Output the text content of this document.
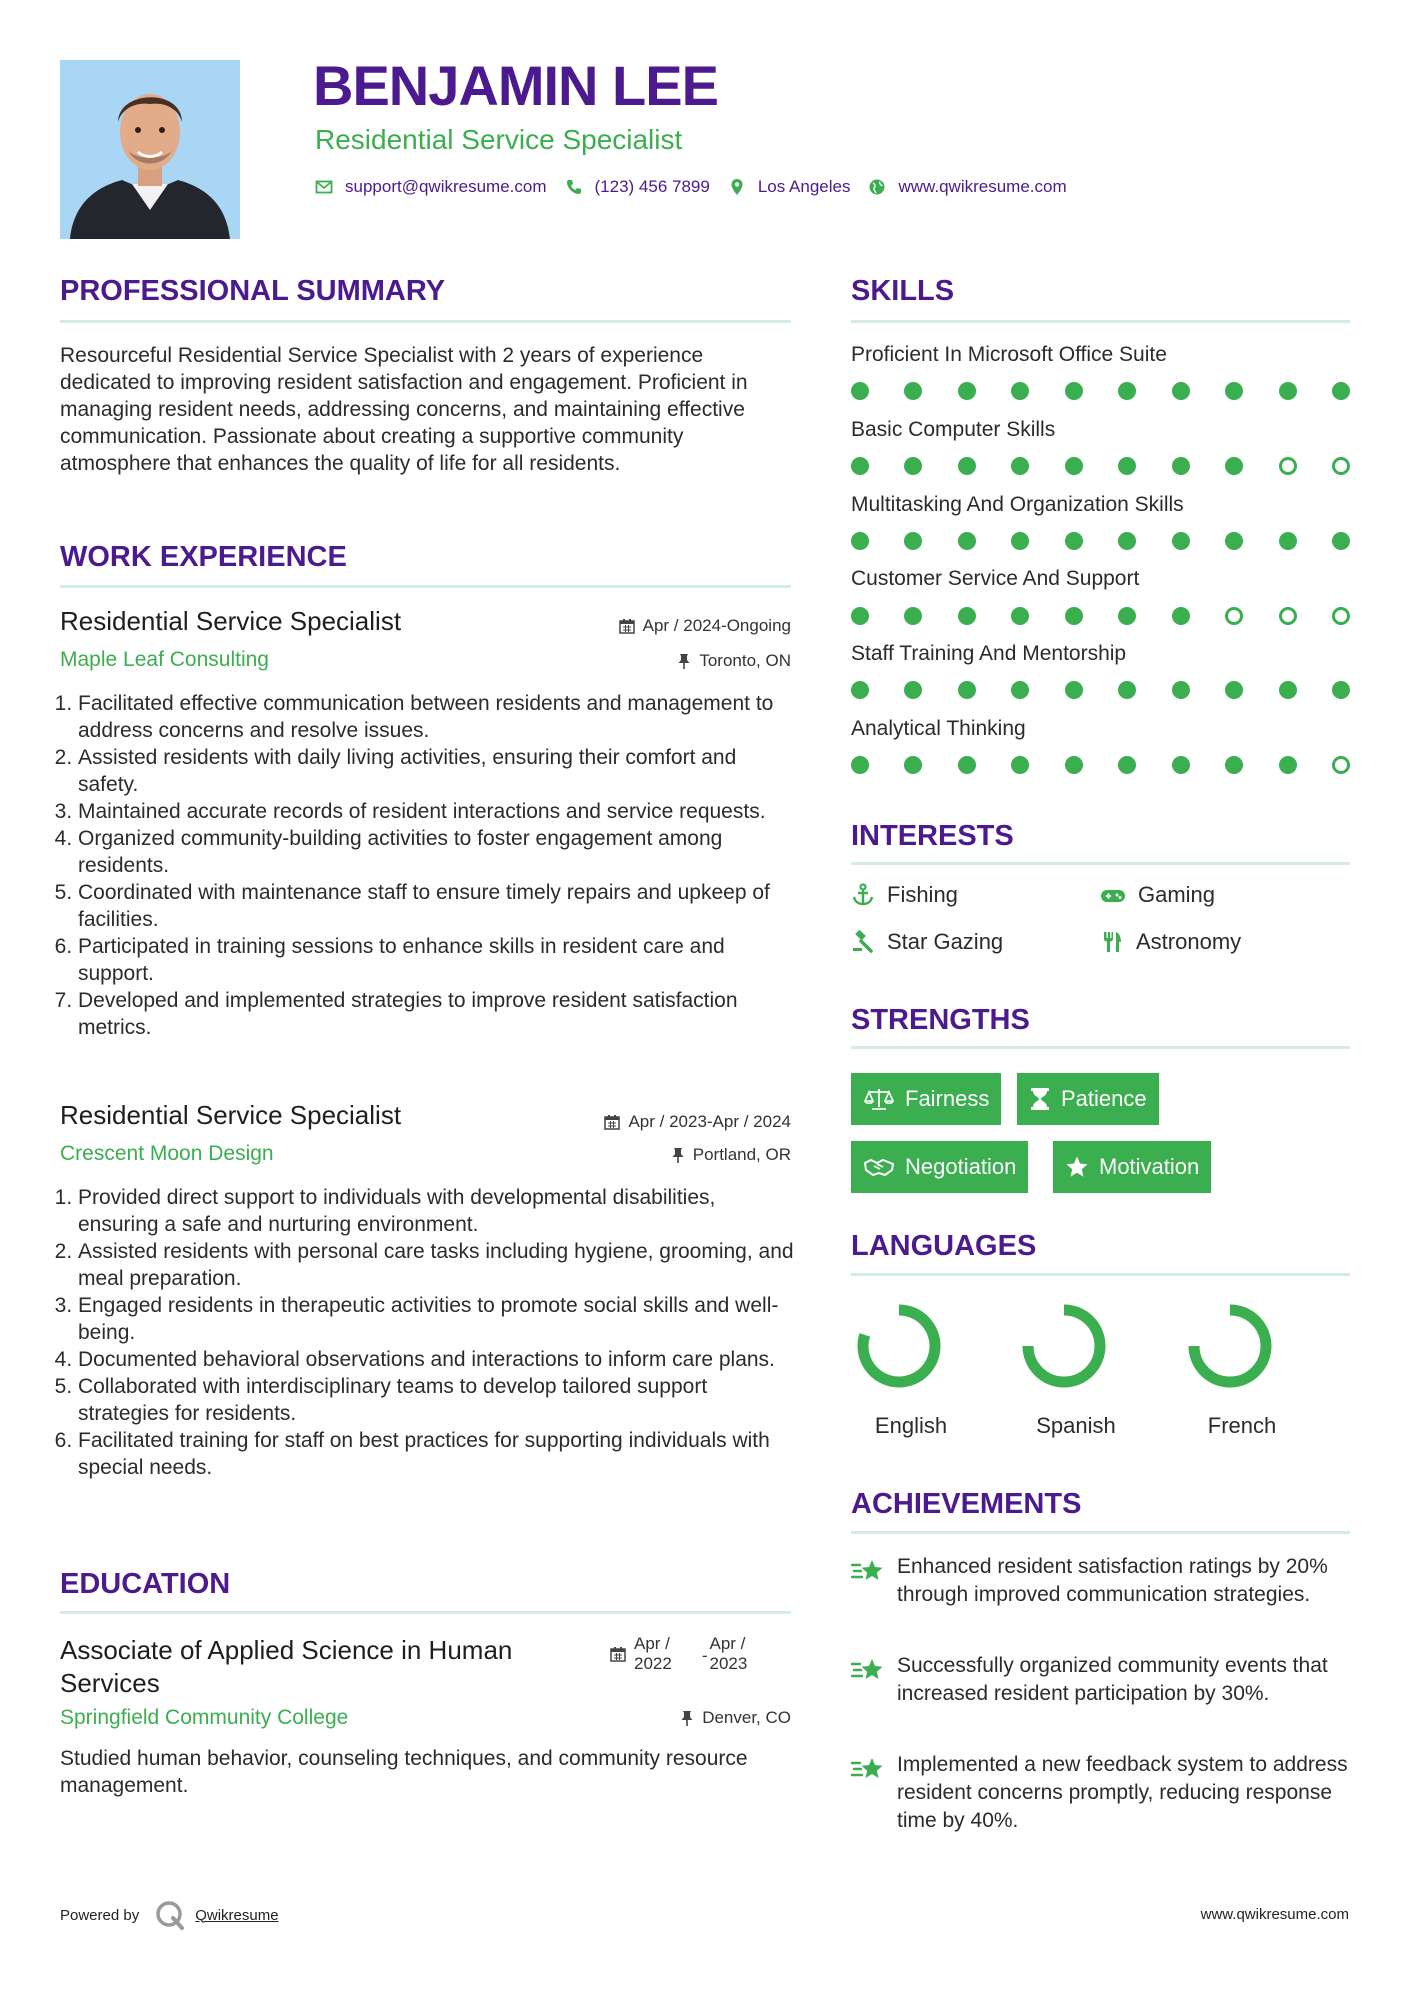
BENJAMIN LEE
Residential Service Specialist
support@qwikresume.com	(123) 456 7899	Los Angeles	www.qwikresume.com
PROFESSIONAL SUMMARY
Resourceful Residential Service Specialist with 2 years of experience dedicated to improving resident satisfaction and engagement. Proficient in managing resident needs, addressing concerns, and maintaining effective communication. Passionate about creating a supportive community atmosphere that enhances the quality of life for all residents.
WORK EXPERIENCE
Residential Service Specialist	Apr / 2024-Ongoing
Maple Leaf Consulting	Toronto, ON
1. Facilitated effective communication between residents and management to address concerns and resolve issues.
2. Assisted residents with daily living activities, ensuring their comfort and safety.
3. Maintained accurate records of resident interactions and service requests.
4. Organized community-building activities to foster engagement among residents.
5. Coordinated with maintenance staff to ensure timely repairs and upkeep of facilities.
6. Participated in training sessions to enhance skills in resident care and support.
7. Developed and implemented strategies to improve resident satisfaction metrics.
Residential Service Specialist	Apr / 2023-Apr / 2024
Crescent Moon Design	Portland, OR
1. Provided direct support to individuals with developmental disabilities, ensuring a safe and nurturing environment.
2. Assisted residents with personal care tasks including hygiene, grooming, and meal preparation.
3. Engaged residents in therapeutic activities to promote social skills and well-being.
4. Documented behavioral observations and interactions to inform care plans.
5. Collaborated with interdisciplinary teams to develop tailored support strategies for residents.
6. Facilitated training for staff on best practices for supporting individuals with special needs.
EDUCATION
Associate of Applied Science in Human
Services
Apr /
2022 -
Apr /
2023
Springfield Community College	Denver, CO
Studied human behavior, counseling techniques, and community resource management.
SKILLS
Proficient In Microsoft Office Suite
Basic Computer Skills
Multitasking And Organization Skills
Customer Service And Support
Staff Training And Mentorship
Analytical Thinking
INTERESTS
Fishing	Gaming
Star Gazing	Astronomy
STRENGTHS
Fairness	Patience
Negotiation	Motivation
LANGUAGES
English	Spanish	French
ACHIEVEMENTS
Enhanced resident satisfaction ratings by 20% through improved communication strategies.
Successfully organized community events that increased resident participation by 30%.
Implemented a new feedback system to address resident concerns promptly, reducing response time by 40%.
Powered by	Qwikresume	www.qwikresume.com
